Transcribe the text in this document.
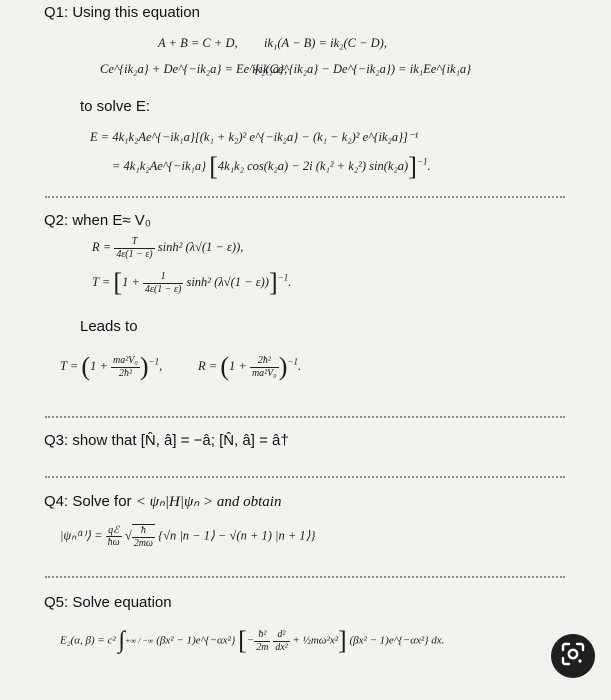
Q1: Using this equation
A + B = C + D, ik₁(A − B) = ik₂(C − D),
Ce^{ik₂a} + De^{−ik₂a} = Ee^{ik₁a},
ik₂(Ce^{ik₂a} − De^{−ik₂a}) = ik₁Ee^{ik₁a}
to solve E:
E = 4k₁k₂Ae^{−ik₁a}[(k₁ + k₂)² e^{−ik₂a} − (k₁ − k₂)² e^{ik₂a}]⁻¹
= 4k₁k₂Ae^{−ik₁a} [4k₁k₂ cos(k₂a) − 2i (k₁² + k₂²) sin(k₂a)]$^{-1}$.
Q2: when E≈ V₀
$R = \frac{T}{4\varepsilon(1 - \varepsilon)} \sinh^2$ (λ√(1 − ε)),
$T = [1 + \frac{1}{4\varepsilon(1 - \varepsilon)} \sinh^2$ (λ√(1 − ε))]$^{-1}$.
Leads to
$T = (1 + \frac{\text{ma²V₀}}{\text{2ħ²}} )^{-1}$,	$R = (1 + \frac{\text{2ħ²}}{\text{ma²V₀}} )^{-1}$.
Q3: show that [N̂, â] = −â; [N̂, â] = â†
Q4: Solve for < ψₙ|H|ψₙ > and obtain
|ψₙ⁽¹⁾⟩ = $\frac{\text{qℰ}}{ħ\omega}$ √ $\frac{ħ}{2m\omega} \{√n$ |n − 1⟩ − √(n + 1) |n + 1⟩}
Q5: Solve equation
E₂(α, β) = c² ∫+∞ / −∞ (βx² − 1)e^{−αx²} [− $\frac{\text{ħ²}}{2m}$
$\frac{\text{d²}}{\text{dx²}}$ + ½mω²x²] (βx² − 1)e^{−αx²} dx.
